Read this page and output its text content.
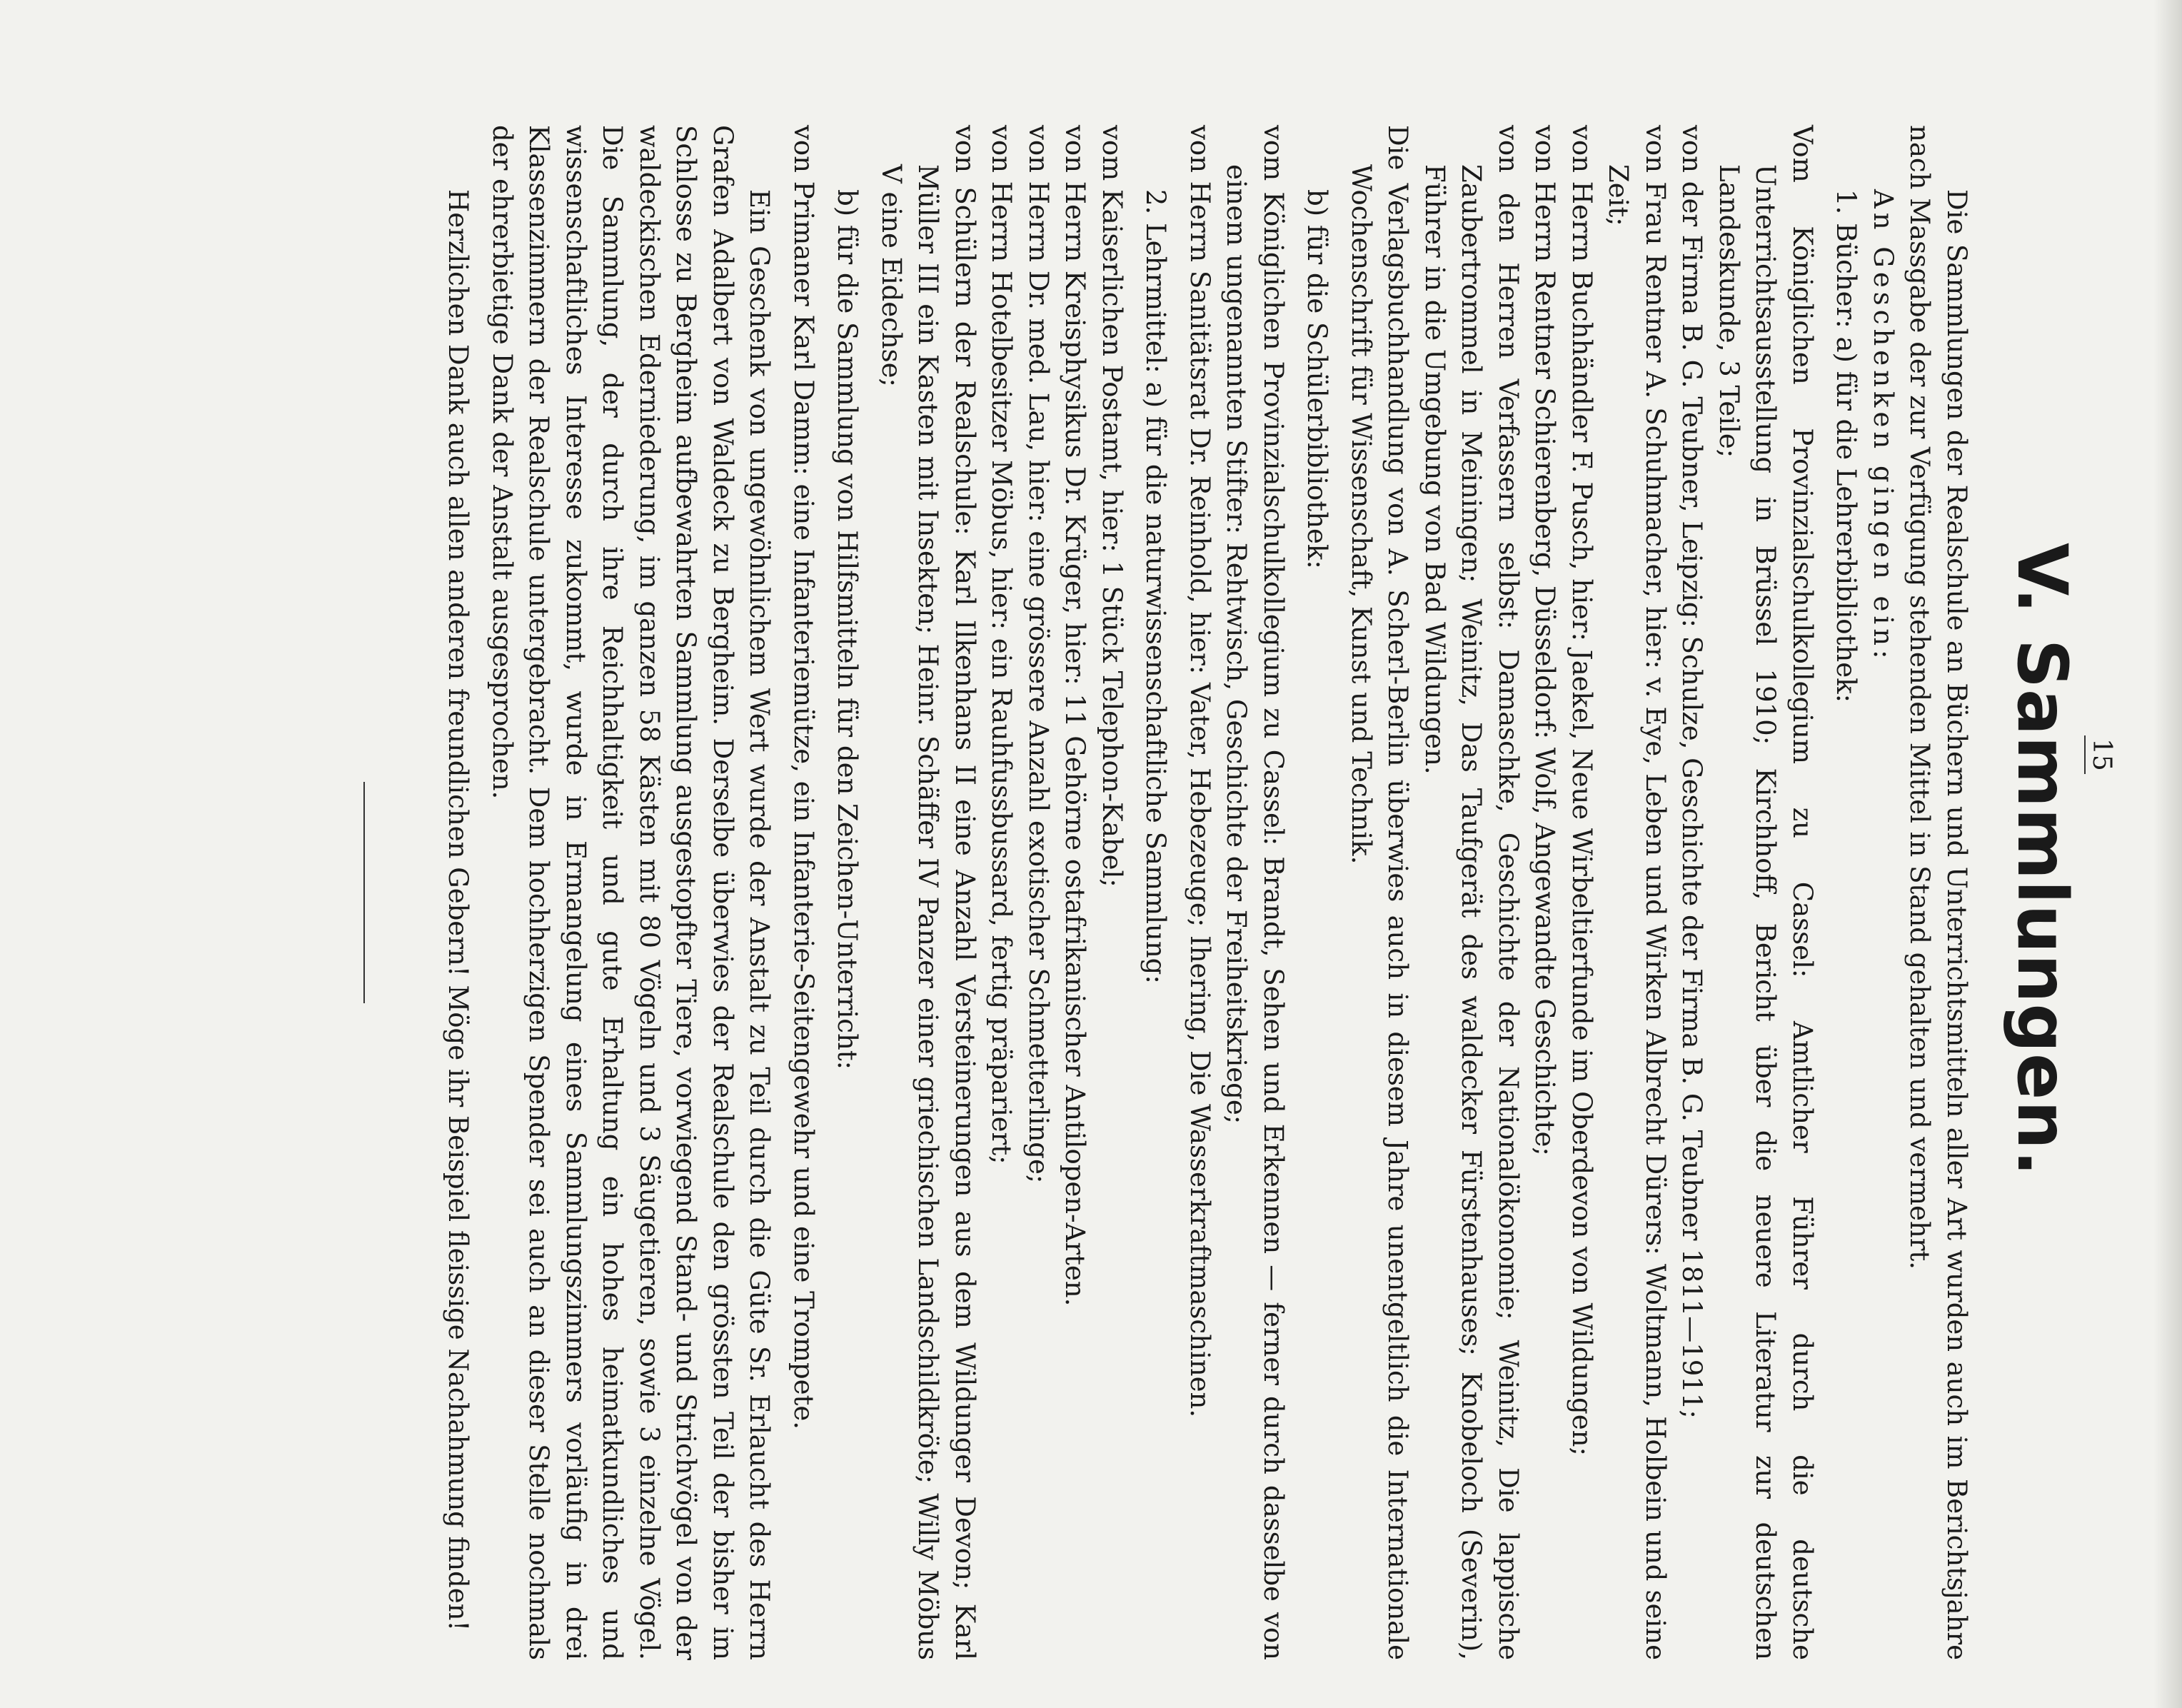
15
V. Sammlungen.

Die Sammlungen der Realschule an Büchern und Unterrichtsmitteln aller Art wurden auch im Berichtsjahre nach Massgabe der zur Verfügung stehenden Mittel in Stand gehalten und vermehrt.

An Geschenken gingen ein:

1. Bücher: a) für die Lehrerbibliothek:

Vom Königlichen Provinzialschulkollegium zu Cassel: Amtlicher Führer durch die deutsche Unterrichtsausstellung in Brüssel 1910; Kirchhoff, Bericht über die neuere Literatur zur deutschen Landeskunde, 3 Teile;

von der Firma B. G. Teubner, Leipzig: Schulze, Geschichte der Firma B. G. Teubner 1811—1911;

von Frau Rentner A. Schuhmacher, hier: v. Eye, Leben und Wirken Albrecht Dürers: Woltmann, Holbein und seine Zeit;

von Herrn Buchhändler F. Pusch, hier: Jaekel, Neue Wirbeltierfunde im Oberdevon von Wildungen;

von Herrn Rentner Schierenberg, Düsseldorf: Wolf, Angewandte Geschichte;

von den Herren Verfassern selbst: Damaschke, Geschichte der Nationalökonomie; Weinitz, Die lappische Zaubertrommel in Meiningen; Weinitz, Das Taufgerät des waldecker Fürstenhauses; Knobeloch (Severin), Führer in die Umgebung von Bad Wildungen.

Die Verlagsbuchhandlung von A. Scherl-Berlin überwies auch in diesem Jahre unentgeltlich die Internationale Wochenschrift für Wissenschaft, Kunst und Technik.

b) für die Schülerbibliothek:

vom Königlichen Provinzialschulkollegium zu Cassel: Brandt, Sehen und Erkennen — ferner durch dasselbe von einem ungenannten Stifter: Rehtwisch, Geschichte der Freiheitskriege;

von Herrn Sanitätsrat Dr. Reinhold, hier: Vater, Hebezeuge; Ihering, Die Wasserkraftmaschinen.

2. Lehrmittel: a) für die naturwissenschaftliche Sammlung:

vom Kaiserlichen Postamt, hier: 1 Stück Telephon-Kabel;

von Herrn Kreisphysikus Dr. Krüger, hier: 11 Gehörne ostafrikanischer Antilopen-Arten.

von Herrn Dr. med. Lau, hier: eine grössere Anzahl exotischer Schmetterlinge;

von Herrn Hotelbesitzer Möbus, hier: ein Rauhfussbussard, fertig präpariert;

von Schülern der Realschule: Karl Ilkenhans II eine Anzahl Versteinerungen aus dem Wildunger Devon; Karl Müller III ein Kasten mit Insekten; Heinr. Schäffer IV Panzer einer griechischen Landschildkröte; Willy Möbus V eine Eidechse;

b) für die Sammlung von Hilfsmitteln für den Zeichen-Unterricht:

von Primaner Karl Damm: eine Infanteriemütze, ein Infanterie-Seitengewehr und eine Trompete.

Ein Geschenk von ungewöhnlichem Wert wurde der Anstalt zu Teil durch die Güte Sr. Erlaucht des Herrn Grafen Adalbert von Waldeck zu Bergheim. Derselbe überwies der Realschule den grössten Teil der bisher im Schlosse zu Bergheim aufbewahrten Sammlung ausgestopfter Tiere, vorwiegend Stand- und Strichvögel von der waldeckischen Ederniederung, im ganzen 58 Kästen mit 80 Vögeln und 3 Säugetieren, sowie 3 einzelne Vögel. Die Sammlung, der durch ihre Reichhaltigkeit und gute Erhaltung ein hohes heimatkundliches und wissenschaftliches Interesse zukommt, wurde in Ermangelung eines Sammlungszimmers vorläufig in drei Klassenzimmern der Realschule untergebracht. Dem hochherzigen Spender sei auch an dieser Stelle nochmals der ehrerbietige Dank der Anstalt ausgesprochen.

Herzlichen Dank auch allen anderen freundlichen Gebern! Möge ihr Beispiel fleissige Nachahmung finden!
